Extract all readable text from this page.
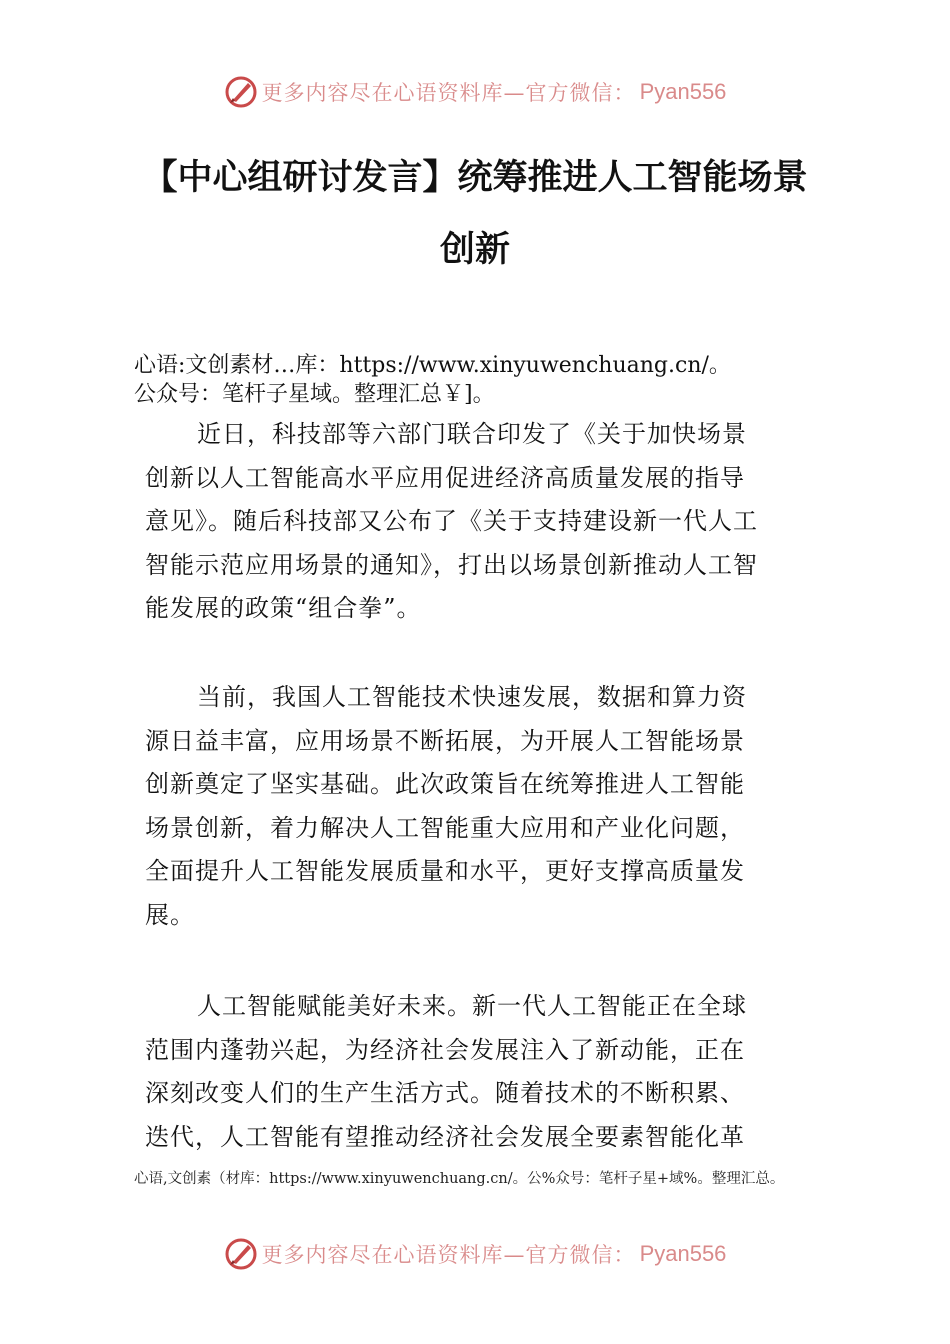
更多内容尽在心语资料库—官方微信： Pyan556
【中心组研讨发言】统筹推进人工智能场景
创新
心语:文创素材…库：https://www.xinyuwenchuang.cn/。
公众号：笔杆子星域。整理汇总￥]。
近日，科技部等六部门联合印发了《关于加快场景
创新以人工智能高水平应用促进经济高质量发展的指导
意见》。随后科技部又公布了《关于支持建设新一代人工
智能示范应用场景的通知》，打出以场景创新推动人工智
能发展的政策“组合拳”。
当前，我国人工智能技术快速发展，数据和算力资
源日益丰富，应用场景不断拓展，为开展人工智能场景
创新奠定了坚实基础。此次政策旨在统筹推进人工智能
场景创新，着力解决人工智能重大应用和产业化问题，
全面提升人工智能发展质量和水平，更好支撑高质量发
展。
人工智能赋能美好未来。新一代人工智能正在全球
范围内蓬勃兴起，为经济社会发展注入了新动能，正在
深刻改变人们的生产生活方式。随着技术的不断积累、
迭代，人工智能有望推动经济社会发展全要素智能化革
心语,文创素（材库：https://www.xinyuwenchuang.cn/。公%众号：笔杆子星+域%。整理汇总。
更多内容尽在心语资料库—官方微信： Pyan556
